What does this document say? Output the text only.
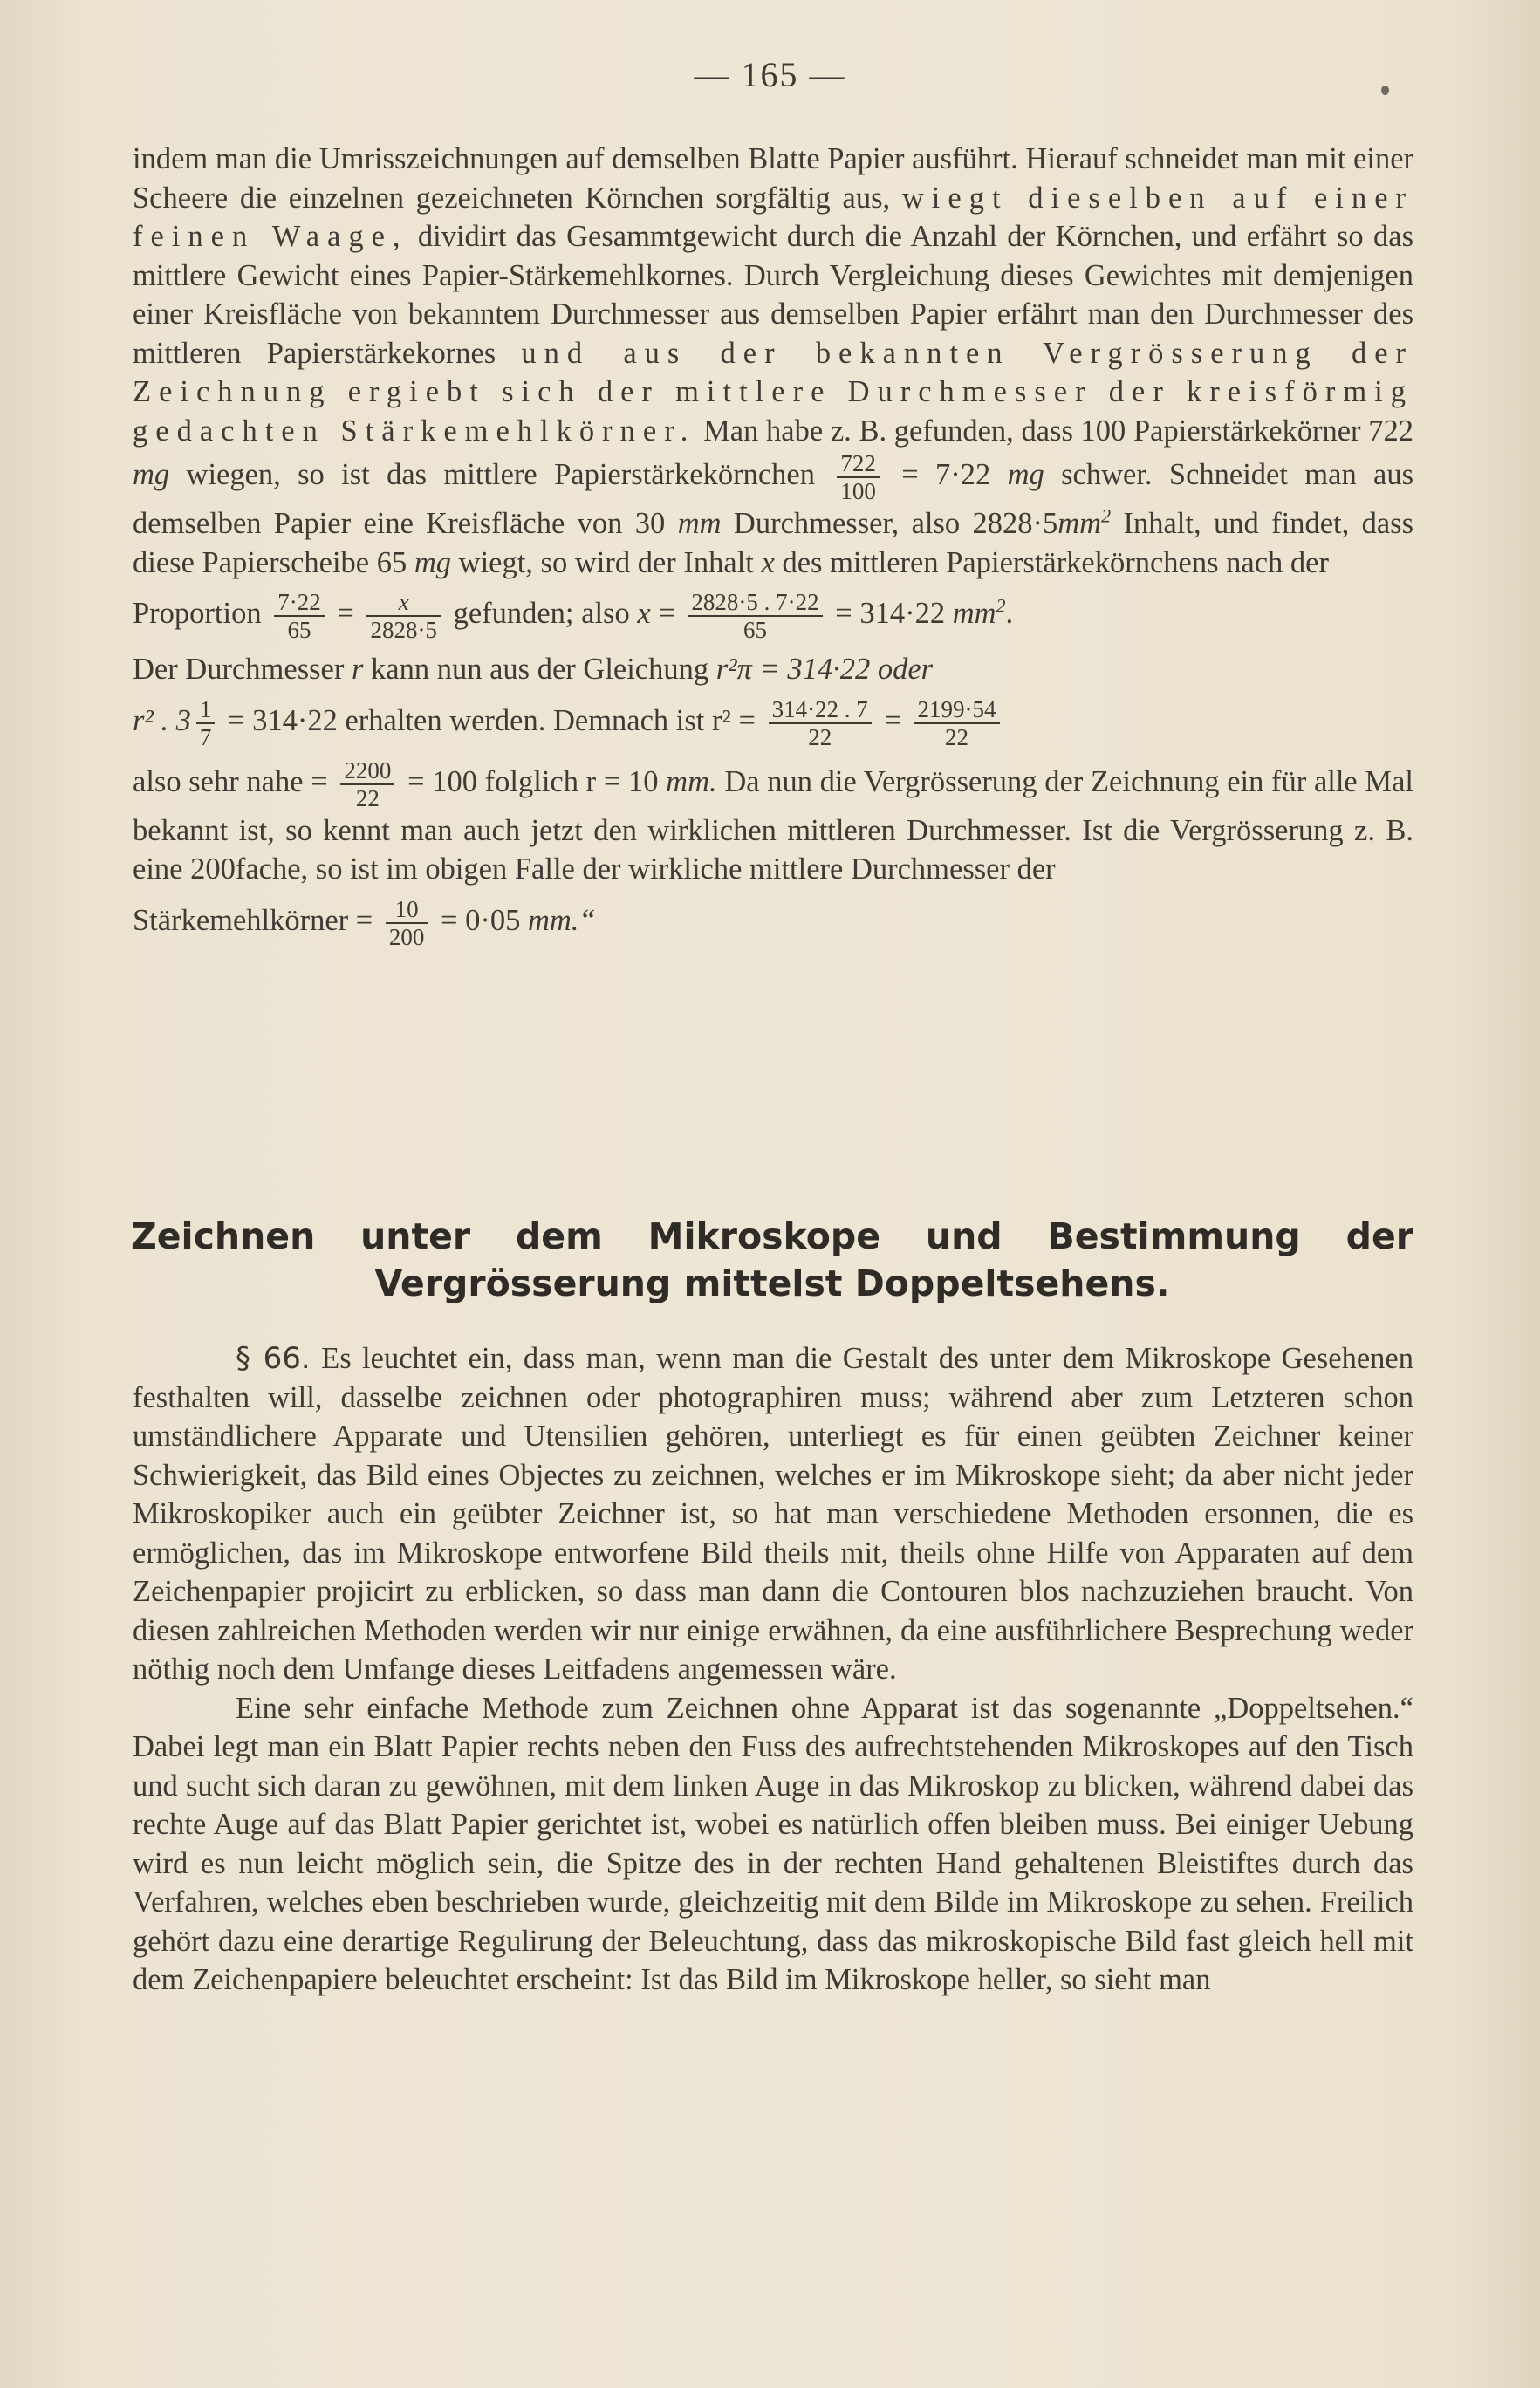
— 165 —

indem man die Umrisszeichnungen auf demselben Blatte Papier ausführt. Hierauf schneidet man mit einer Scheere die einzelnen gezeichneten Körnchen sorgfältig aus, wiegt dieselben auf einer feinen Waage, dividirt das Gesammtgewicht durch die Anzahl der Körnchen, und erfährt so das mittlere Gewicht eines Papier-Stärkemehlkornes. Durch Vergleichung dieses Gewichtes mit demjenigen einer Kreisfläche von bekanntem Durchmesser aus demselben Papier erfährt man den Durchmesser des mittleren Papierstärkekornes und aus der bekannten Vergrösserung der Zeichnung ergiebt sich der mittlere Durchmesser der kreisförmig gedachten Stärkemehlkörner. Man habe z. B. gefunden, dass 100 Papierstärkekörner 722 mg wiegen, so ist das mittlere Papierstärkekörnchen $\frac{722}{100} = 7\cdot 22$ mg schwer. Schneidet man aus demselben Papier eine Kreisfläche von 30 mm Durchmesser, also $2828\cdot 5mm^2$ Inhalt, und findet, dass diese Papierscheibe 65 mg wiegt, so wird der Inhalt x des mittleren Papierstärkekörnchens nach der

Proportion $\frac{7\cdot 22}{65} = \frac{x}{2828\cdot 5}$ gefunden; also $x = \frac{2828\cdot 5 . 7\cdot 22}{65} = 314\cdot 22$ $mm^2$.

Der Durchmesser r kann nun aus der Gleichung r²π = 314·22 oder

r² . $3 \frac{1}{7} = 314\cdot 22$ erhalten werden. Demnach ist $r^2 = \frac{314\cdot 22 . 7}{22} = \frac{2199\cdot 54}{22}$

also sehr nahe = $\frac{2200}{22} = 100$ folglich r = 10 mm. Da nun die Vergrösserung der Zeichnung ein für alle Mal bekannt ist, so kennt man auch jetzt den wirklichen mittleren Durchmesser. Ist die Vergrösserung z. B. eine 200fache, so ist im obigen Falle der wirkliche mittlere Durchmesser der

Stärkemehlkörner = $\frac{10}{200} = 0\cdot 05$ mm.“

Zeichnen unter dem Mikroskope und Bestimmung der
Vergrösserung mittelst Doppeltsehens.

§ 66. Es leuchtet ein, dass man, wenn man die Gestalt des unter dem Mikroskope Gesehenen festhalten will, dasselbe zeichnen oder photographiren muss; während aber zum Letzteren schon umständlichere Apparate und Utensilien gehören, unterliegt es für einen geübten Zeichner keiner Schwierigkeit, das Bild eines Objectes zu zeichnen, welches er im Mikroskope sieht; da aber nicht jeder Mikroskopiker auch ein geübter Zeichner ist, so hat man verschiedene Methoden ersonnen, die es ermöglichen, das im Mikroskope entworfene Bild theils mit, theils ohne Hilfe von Apparaten auf dem Zeichenpapier projicirt zu erblicken, so dass man dann die Contouren blos nachzuziehen braucht. Von diesen zahlreichen Methoden werden wir nur einige erwähnen, da eine ausführlichere Besprechung weder nöthig noch dem Umfange dieses Leitfadens angemessen wäre.

Eine sehr einfache Methode zum Zeichnen ohne Apparat ist das sogenannte „Doppeltsehen.“ Dabei legt man ein Blatt Papier rechts neben den Fuss des aufrechtstehenden Mikroskopes auf den Tisch und sucht sich daran zu gewöhnen, mit dem linken Auge in das Mikroskop zu blicken, während dabei das rechte Auge auf das Blatt Papier gerichtet ist, wobei es natürlich offen bleiben muss. Bei einiger Uebung wird es nun leicht möglich sein, die Spitze des in der rechten Hand gehaltenen Bleistiftes durch das Verfahren, welches eben beschrieben wurde, gleichzeitig mit dem Bilde im Mikroskope zu sehen. Freilich gehört dazu eine derartige Regulirung der Beleuchtung, dass das mikroskopische Bild fast gleich hell mit dem Zeichenpapiere beleuchtet erscheint: Ist das Bild im Mikroskope heller, so sieht man
